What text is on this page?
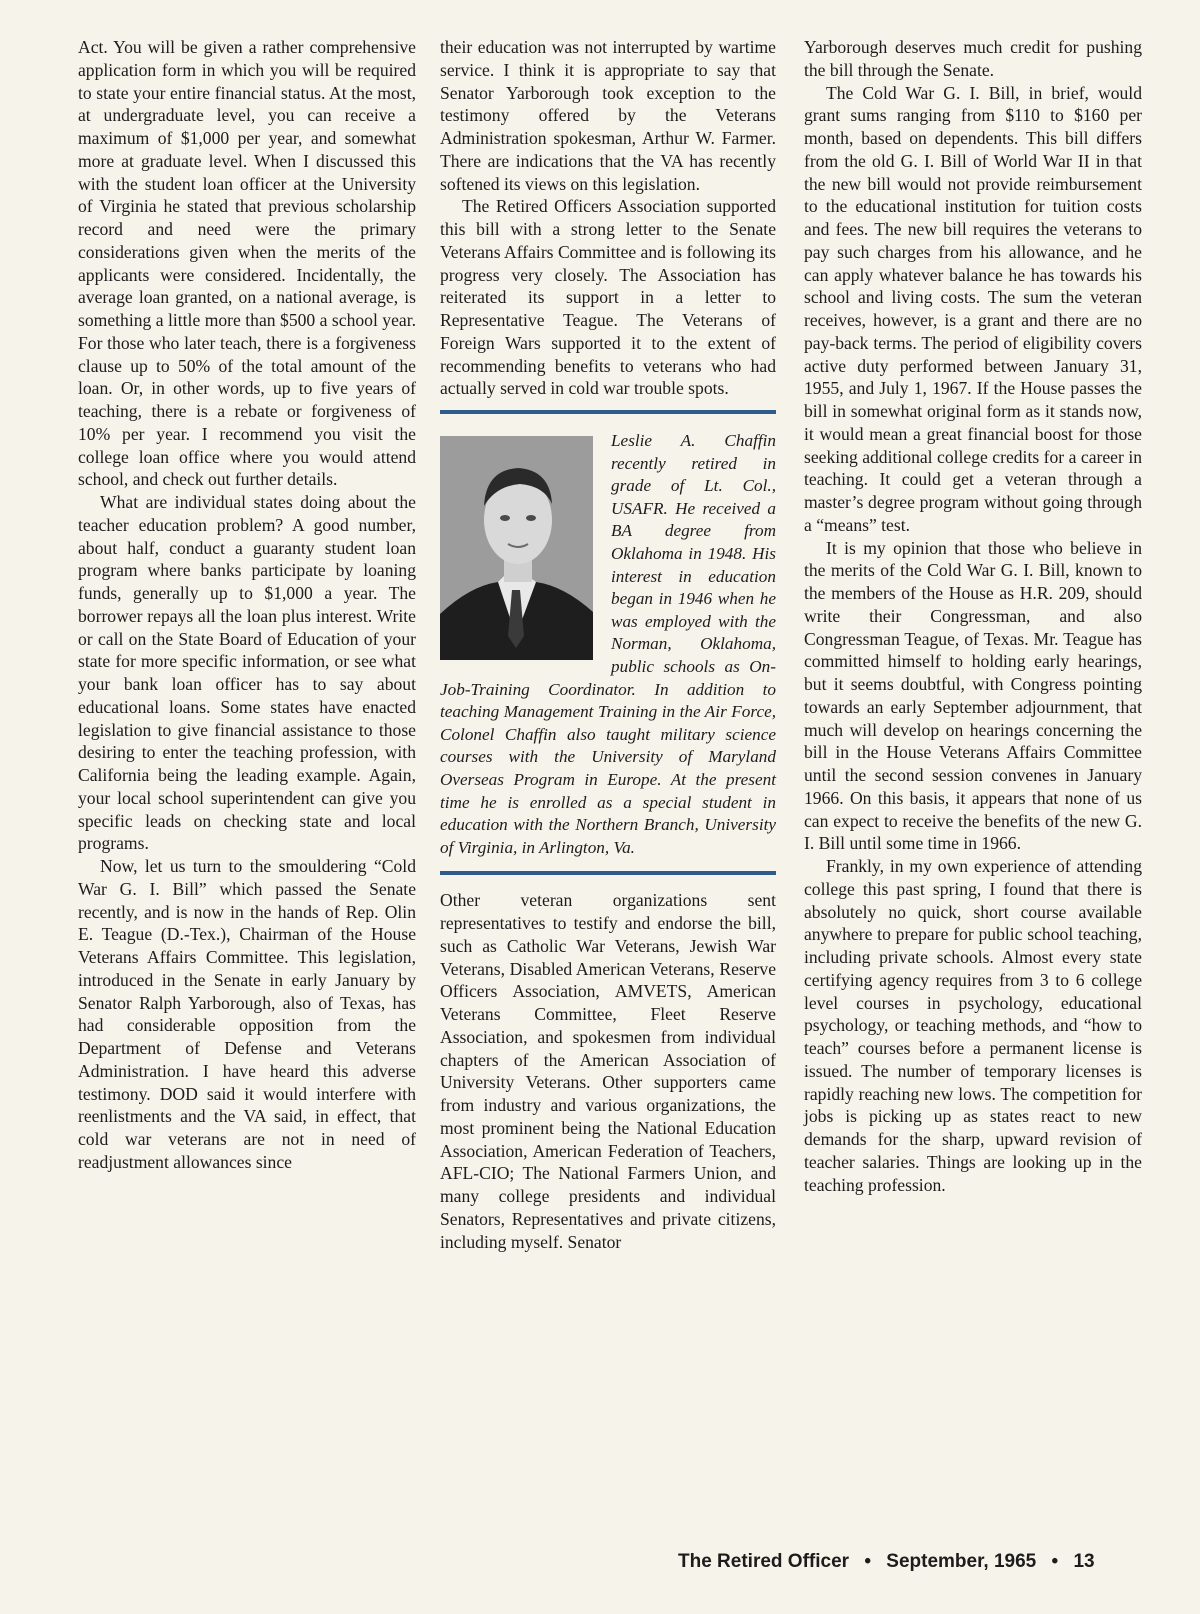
Act. You will be given a rather comprehensive application form in which you will be required to state your entire financial status. At the most, at undergraduate level, you can receive a maximum of $1,000 per year, and somewhat more at graduate level. When I discussed this with the student loan officer at the University of Virginia he stated that previous scholarship record and need were the primary considerations given when the merits of the applicants were considered. Incidentally, the average loan granted, on a national average, is something a little more than $500 a school year. For those who later teach, there is a forgiveness clause up to 50% of the total amount of the loan. Or, in other words, up to five years of teaching, there is a rebate or forgiveness of 10% per year. I recommend you visit the college loan office where you would attend school, and check out further details.

What are individual states doing about the teacher education problem? A good number, about half, conduct a guaranty student loan program where banks participate by loaning funds, generally up to $1,000 a year. The borrower repays all the loan plus interest. Write or call on the State Board of Education of your state for more specific information, or see what your bank loan officer has to say about educational loans. Some states have enacted legislation to give financial assistance to those desiring to enter the teaching profession, with California being the leading example. Again, your local school superintendent can give you specific leads on checking state and local programs.

Now, let us turn to the smouldering “Cold War G. I. Bill” which passed the Senate recently, and is now in the hands of Rep. Olin E. Teague (D.-Tex.), Chairman of the House Veterans Affairs Committee. This legislation, introduced in the Senate in early January by Senator Ralph Yarborough, also of Texas, has had considerable opposition from the Department of Defense and Veterans Administration. I have heard this adverse testimony. DOD said it would interfere with reenlistments and the VA said, in effect, that cold war veterans are not in need of readjustment allowances since

their education was not interrupted by wartime service. I think it is appropriate to say that Senator Yarborough took exception to the testimony offered by the Veterans Administration spokesman, Arthur W. Farmer. There are indications that the VA has recently softened its views on this legislation.

The Retired Officers Association supported this bill with a strong letter to the Senate Veterans Affairs Committee and is following its progress very closely. The Association has reiterated its support in a letter to Representative Teague. The Veterans of Foreign Wars supported it to the extent of recommending benefits to veterans who had actually served in cold war trouble spots.

Leslie A. Chaffin recently retired in grade of Lt. Col., USAFR. He received a BA degree from Oklahoma in 1948. His interest in education began in 1946 when he was employed with the Norman, Oklahoma, public schools as On-Job-Training Coordinator. In addition to teaching Management Training in the Air Force, Colonel Chaffin also taught military science courses with the University of Maryland Overseas Program in Europe. At the present time he is enrolled as a special student in education with the Northern Branch, University of Virginia, in Arlington, Va.

Other veteran organizations sent representatives to testify and endorse the bill, such as Catholic War Veterans, Jewish War Veterans, Disabled American Veterans, Reserve Officers Association, AMVETS, American Veterans Committee, Fleet Reserve Association, and spokesmen from individual chapters of the American Association of University Veterans. Other supporters came from industry and various organizations, the most prominent being the National Education Association, American Federation of Teachers, AFL-CIO; The National Farmers Union, and many college presidents and individual Senators, Representatives and private citizens, including myself. Senator

Yarborough deserves much credit for pushing the bill through the Senate.

The Cold War G. I. Bill, in brief, would grant sums ranging from $110 to $160 per month, based on dependents. This bill differs from the old G. I. Bill of World War II in that the new bill would not provide reimbursement to the educational institution for tuition costs and fees. The new bill requires the veterans to pay such charges from his allowance, and he can apply whatever balance he has towards his school and living costs. The sum the veteran receives, however, is a grant and there are no pay-back terms. The period of eligibility covers active duty performed between January 31, 1955, and July 1, 1967. If the House passes the bill in somewhat original form as it stands now, it would mean a great financial boost for those seeking additional college credits for a career in teaching. It could get a veteran through a master’s degree program without going through a “means” test.

It is my opinion that those who believe in the merits of the Cold War G. I. Bill, known to the members of the House as H.R. 209, should write their Congressman, and also Congressman Teague, of Texas. Mr. Teague has committed himself to holding early hearings, but it seems doubtful, with Congress pointing towards an early September adjournment, that much will develop on hearings concerning the bill in the House Veterans Affairs Committee until the second session convenes in January 1966. On this basis, it appears that none of us can expect to receive the benefits of the new G. I. Bill until some time in 1966.

Frankly, in my own experience of attending college this past spring, I found that there is absolutely no quick, short course available anywhere to prepare for public school teaching, including private schools. Almost every state certifying agency requires from 3 to 6 college level courses in psychology, educational psychology, or teaching methods, and “how to teach” courses before a permanent license is issued. The number of temporary licenses is rapidly reaching new lows. The competition for jobs is picking up as states react to new demands for the sharp, upward revision of teacher salaries. Things are looking up in the teaching profession.

The Retired Officer • September, 1965 • 13
